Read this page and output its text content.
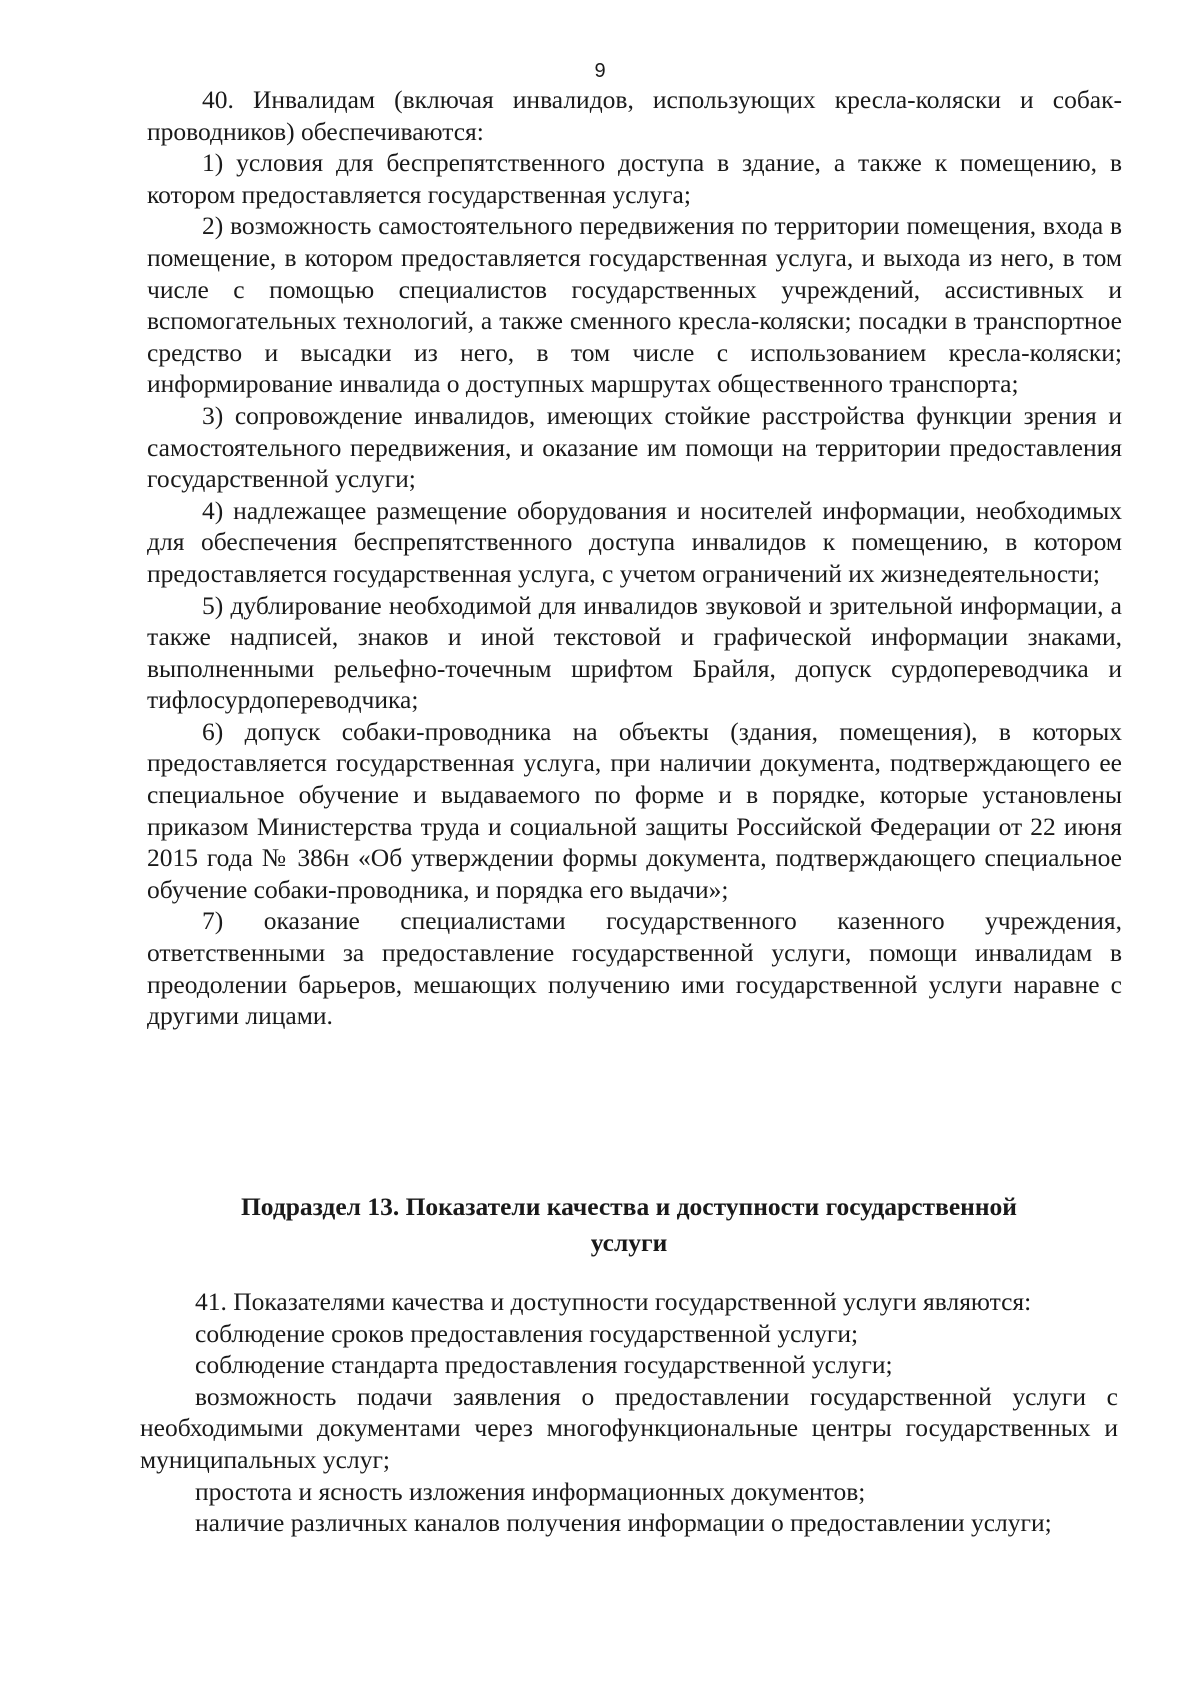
9

40. Инвалидам (включая инвалидов, использующих кресла-коляски и собак-проводников) обеспечиваются:

1) условия для беспрепятственного доступа в здание, а также к помещению, в котором предоставляется государственная услуга;

2) возможность самостоятельного передвижения по территории помещения, входа в помещение, в котором предоставляется государственная услуга, и выхода из него, в том числе с помощью специалистов государственных учреждений, ассистивных и вспомогательных технологий, а также сменного кресла-коляски; посадки в транспортное средство и высадки из него, в том числе с использованием кресла-коляски; информирование инвалида о доступных маршрутах общественного транспорта;

3) сопровождение инвалидов, имеющих стойкие расстройства функции зрения и самостоятельного передвижения, и оказание им помощи на территории предоставления государственной услуги;

4) надлежащее размещение оборудования и носителей информации, необходимых для обеспечения беспрепятственного доступа инвалидов к помещению, в котором предоставляется государственная услуга, с учетом ограничений их жизнедеятельности;

5) дублирование необходимой для инвалидов звуковой и зрительной информации, а также надписей, знаков и иной текстовой и графической информации знаками, выполненными рельефно-точечным шрифтом Брайля, допуск сурдопереводчика и тифлосурдопереводчика;

6) допуск собаки-проводника на объекты (здания, помещения), в которых предоставляется государственная услуга, при наличии документа, подтверждающего ее специальное обучение и выдаваемого по форме и в порядке, которые установлены приказом Министерства труда и социальной защиты Российской Федерации от 22 июня 2015 года № 386н «Об утверждении формы документа, подтверждающего специальное обучение собаки-проводника, и порядка его выдачи»;

7) оказание специалистами государственного казенного учреждения, ответственными за предоставление государственной услуги, помощи инвалидам в преодолении барьеров, мешающих получению ими государственной услуги наравне с другими лицами.

Подраздел 13. Показатели качества и доступности государственной
услуги

41. Показателями качества и доступности государственной услуги являются:

соблюдение сроков предоставления государственной услуги;

соблюдение стандарта предоставления государственной услуги;

возможность подачи заявления о предоставлении государственной услуги с необходимыми документами через многофункциональные центры государственных и муниципальных услуг;

простота и ясность изложения информационных документов;

наличие различных каналов получения информации о предоставлении услуги;
